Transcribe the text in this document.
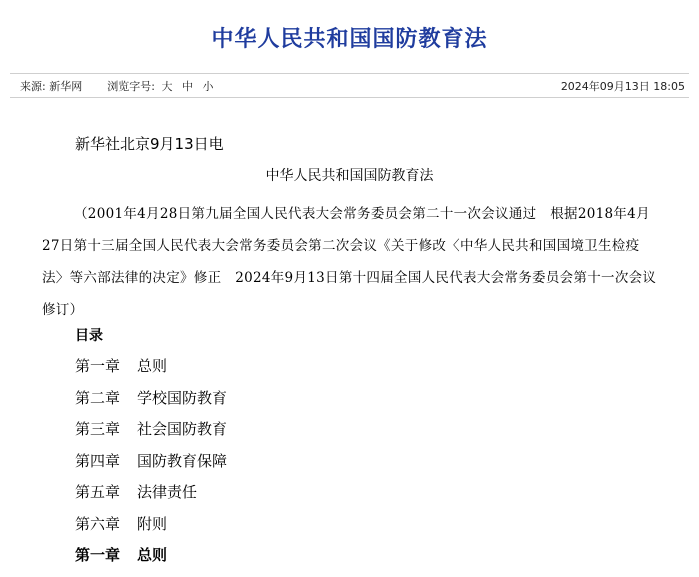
中华人民共和国国防教育法
来源: 新华网 浏览字号: 大 中 小	2024年09月13日 18:05
新华社北京9月13日电
中华人民共和国国防教育法
（2001年4月28日第九届全国人民代表大会常务委员会第二十一次会议通过　根据2018年4月27日第十三届全国人民代表大会常务委员会第二次会议《关于修改〈中华人民共和国国境卫生检疫法〉等六部法律的决定》修正　2024年9月13日第十四届全国人民代表大会常务委员会第十一次会议修订）
目录
第一章 总则
第二章 学校国防教育
第三章 社会国防教育
第四章 国防教育保障
第五章 法律责任
第六章 附则
第一章 总则
